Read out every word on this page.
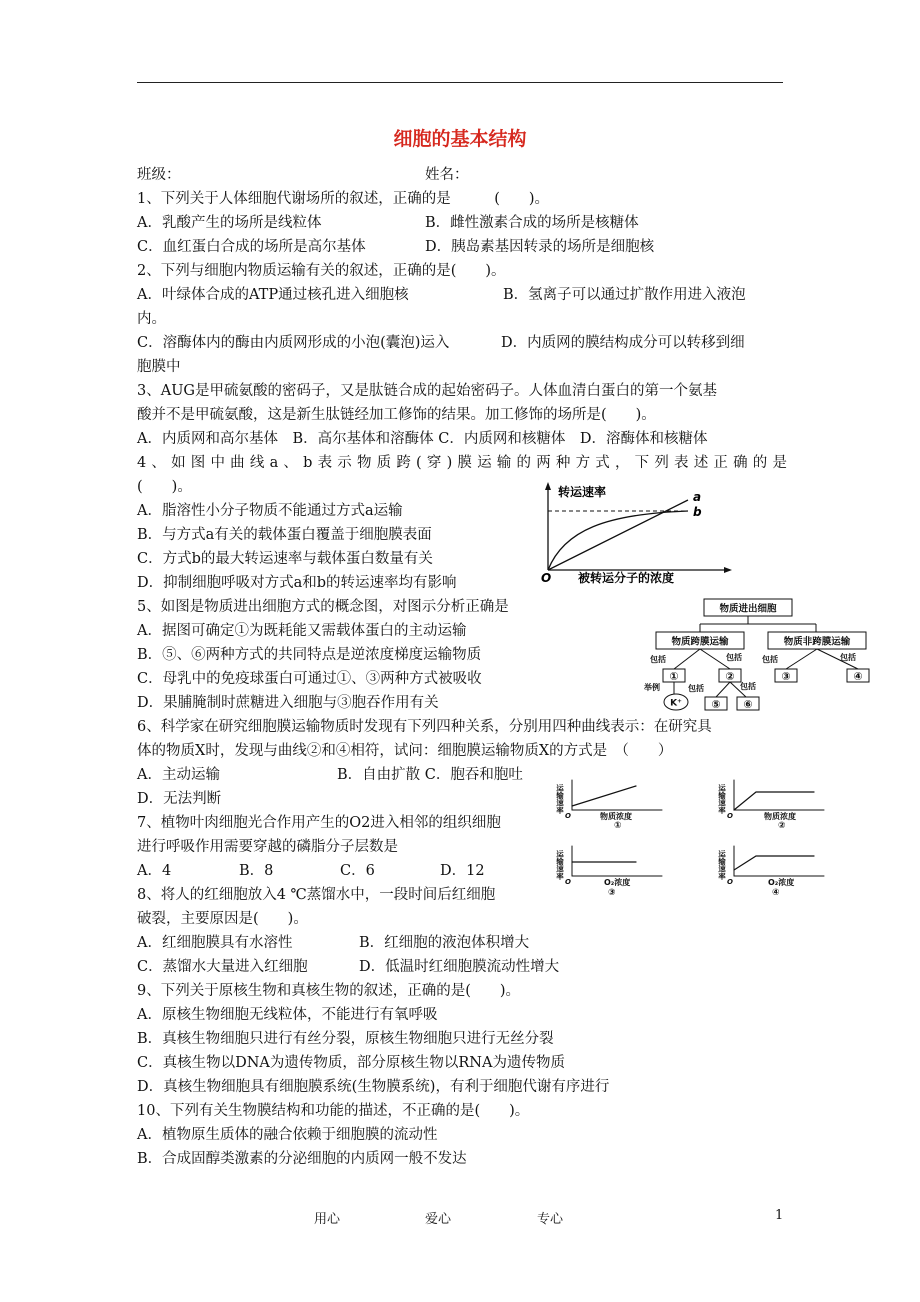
细胞的基本结构
班级：	姓名：
1、下列关于人体细胞代谢场所的叙述，正确的是　　　(　　)。
A．乳酸产生的场所是线粒体	B．雌性激素合成的场所是核糖体
C．血红蛋白合成的场所是高尔基体	D．胰岛素基因转录的场所是细胞核
2、下列与细胞内物质运输有关的叙述，正确的是(　　)。
A．叶绿体合成的ATP通过核孔进入细胞核	B．氢离子可以通过扩散作用进入液泡
内。
C．溶酶体内的酶由内质网形成的小泡(囊泡)运入	D．内质网的膜结构成分可以转移到细
胞膜中
3、AUG是甲硫氨酸的密码子，又是肽链合成的起始密码子。人体血清白蛋白的第一个氨基
酸并不是甲硫氨酸，这是新生肽链经加工修饰的结果。加工修饰的场所是(　　)。
A．内质网和高尔基体　B．高尔基体和溶酶体 C．内质网和核糖体　D．溶酶体和核糖体
4、如图中曲线a、b表示物质跨(穿)膜运输的两种方式，下列表述正确的是
(　　)。
A．脂溶性小分子物质不能通过方式a运输
B．与方式a有关的载体蛋白覆盖于细胞膜表面
C．方式b的最大转运速率与载体蛋白数量有关
D．抑制细胞呼吸对方式a和b的转运速率均有影响
5、如图是物质进出细胞方式的概念图，对图示分析正确是
A．据图可确定①为既耗能又需载体蛋白的主动运输
B．⑤、⑥两种方式的共同特点是逆浓度梯度运输物质
C．母乳中的免疫球蛋白可通过①、③两种方式被吸收
D．果脯腌制时蔗糖进入细胞与③胞吞作用有关
6、科学家在研究细胞膜运输物质时发现有下列四种关系，分别用四种曲线表示：在研究具
体的物质X时，发现与曲线②和④相符，试问：细胞膜运输物质X的方式是　（　　）
A．主动运输	B．自由扩散 C．胞吞和胞吐
D．无法判断
7、植物叶肉细胞光合作用产生的O2进入相邻的组织细胞
进行呼吸作用需要穿越的磷脂分子层数是
A．4	B．8	C．6	D．12
8、将人的红细胞放入4 ℃蒸馏水中，一段时间后红细胞
破裂，主要原因是(　　)。
A．红细胞膜具有水溶性	B．红细胞的液泡体积增大
C．蒸馏水大量进入红细胞	D．低温时红细胞膜流动性增大
9、下列关于原核生物和真核生物的叙述，正确的是(　　)。
A．原核生物细胞无线粒体，不能进行有氧呼吸
B．真核生物细胞只进行有丝分裂，原核生物细胞只进行无丝分裂
C．真核生物以DNA为遗传物质，部分原核生物以RNA为遗传物质
D．真核生物细胞具有细胞膜系统(生物膜系统)，有利于细胞代谢有序进行
10、下列有关生物膜结构和功能的描述，不正确的是(　　)。
A．植物原生质体的融合依赖于细胞膜的流动性
B．合成固醇类激素的分泌细胞的内质网一般不发达
转运速率
被转运分子的浓度
O
a
b
物质进出细胞
物质跨膜运输	物质非跨膜运输
包括	包括	包括	包括
①	②	③	④
举例
K⁺
包括	包括
⑤ ⑥
运输速率
O	物质浓度
①
运输速率
O	物质浓度
②
运输速率
O	O₂浓度
③
运输速率
O	O₂浓度
④
用心	爱心	专心	1
